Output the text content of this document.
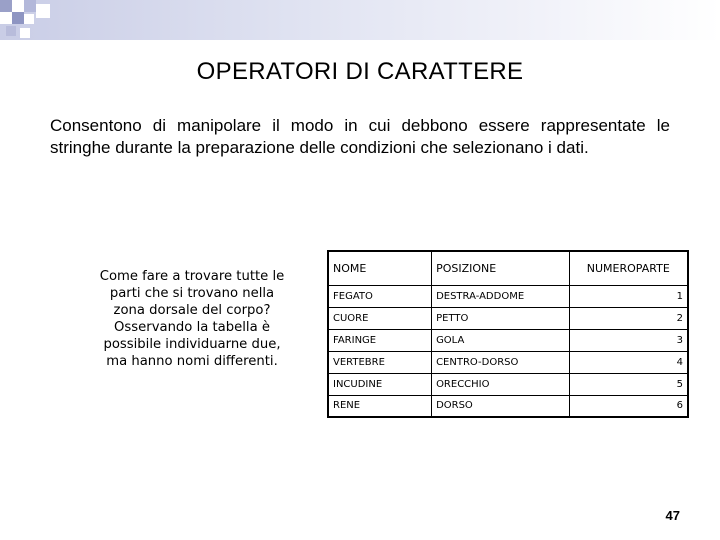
OPERATORI DI CARATTERE
Consentono di manipolare il modo in cui debbono essere rappresentate le stringhe durante la preparazione delle condizioni che selezionano i dati.
Come fare a trovare tutte le parti che si trovano nella zona dorsale del corpo? Osservando la tabella è possibile individuarne due, ma hanno nomi differenti.
NOME	POSIZIONE	NUMEROPARTE
FEGATO	DESTRA-ADDOME	1
CUORE	PETTO	2
FARINGE	GOLA	3
VERTEBRE	CENTRO-DORSO	4
INCUDINE	ORECCHIO	5
RENE	DORSO	6
47
